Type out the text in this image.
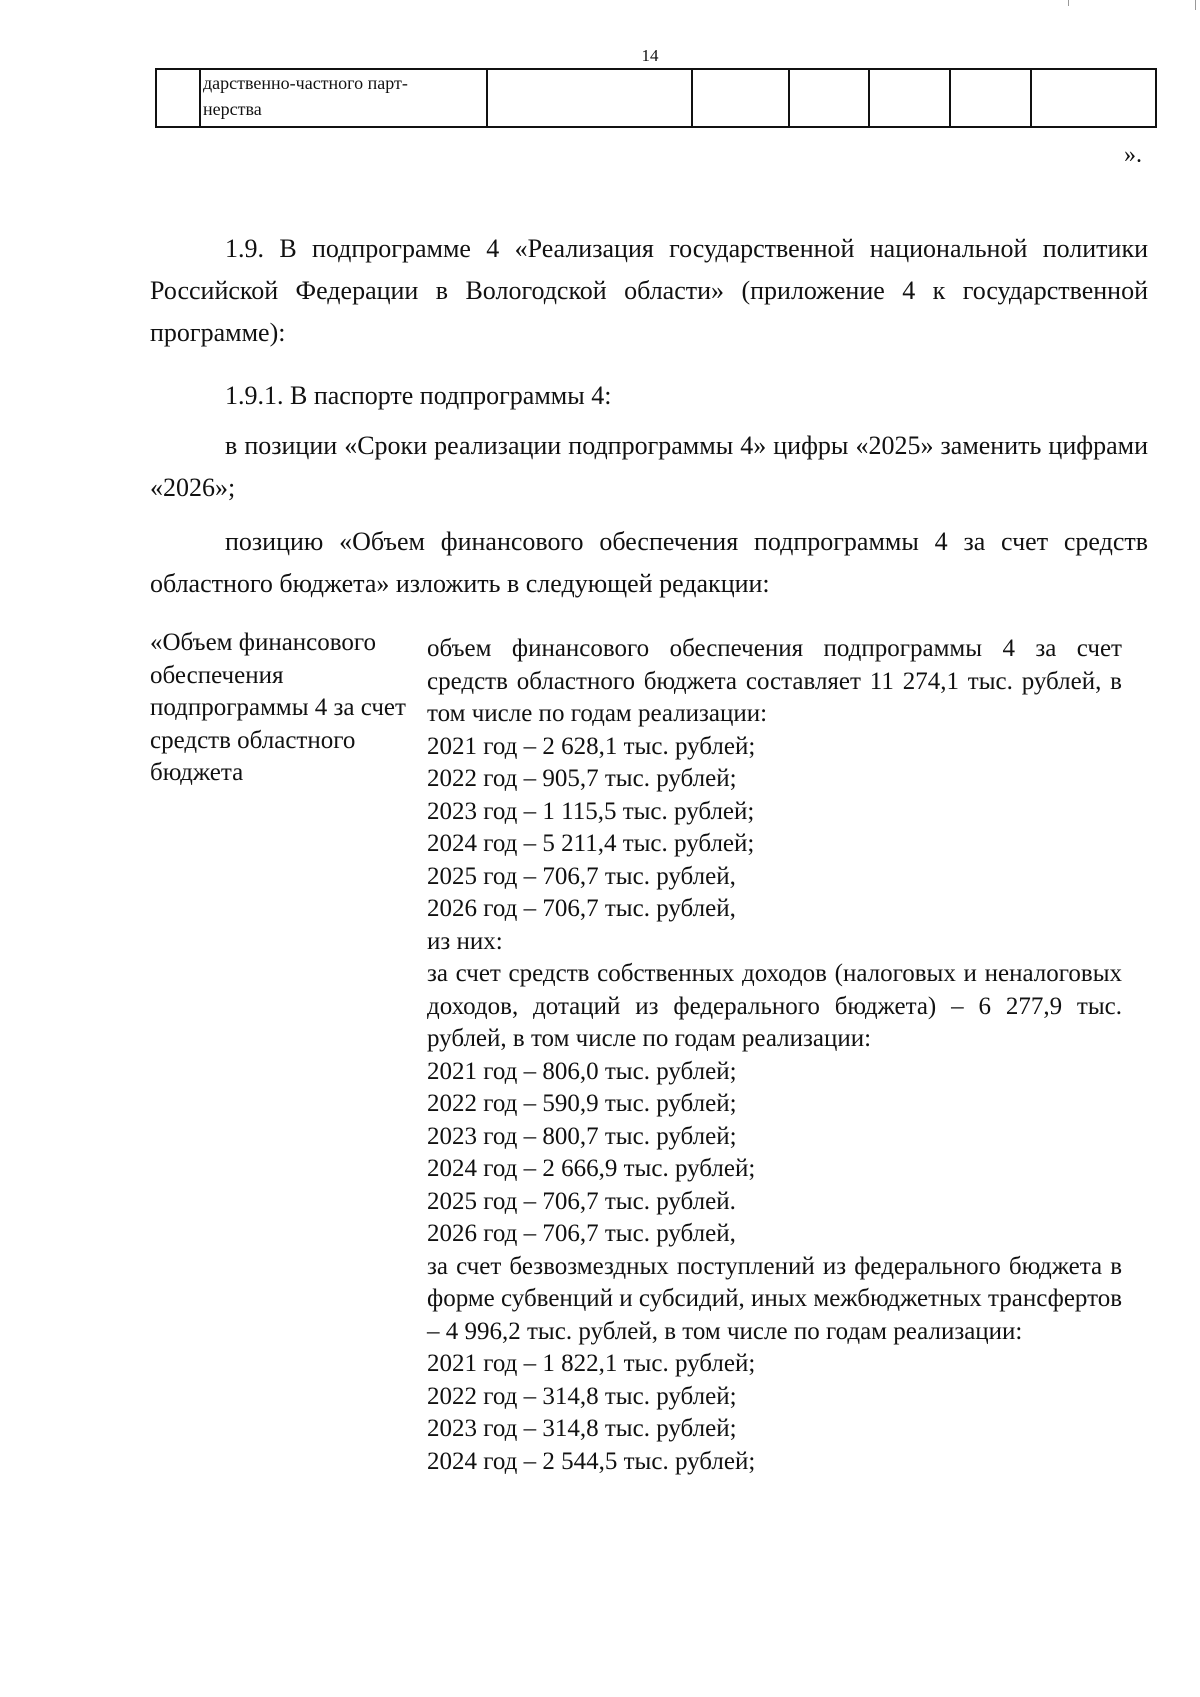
14

дарственно-частного парт-
нерства

».

1.9. В подпрограмме 4 «Реализация государственной национальной политики Российской Федерации в Вологодской области» (приложение 4 к государственной программе):

1.9.1. В паспорте подпрограммы 4:

в позиции «Сроки реализации подпрограммы 4» цифры «2025» заменить цифрами «2026»;

позицию «Объем финансового обеспечения подпрограммы 4 за счет средств областного бюджета» изложить в следующей редакции:

«Объем финансового обеспечения подпрограммы 4 за счет средств областного бюджета

объем финансового обеспечения подпрограммы 4 за счет средств областного бюджета составляет 11 274,1 тыс. рублей, в том числе по годам реализации:
2021 год – 2 628,1 тыс. рублей;
2022 год – 905,7 тыс. рублей;
2023 год – 1 115,5 тыс. рублей;
2024 год – 5 211,4 тыс. рублей;
2025 год – 706,7 тыс. рублей,
2026 год – 706,7 тыс. рублей,
из них:
за счет средств собственных доходов (налоговых и неналоговых доходов, дотаций из федерального бюджета) – 6 277,9 тыс. рублей, в том числе по годам реализации:
2021 год – 806,0 тыс. рублей;
2022 год – 590,9 тыс. рублей;
2023 год – 800,7 тыс. рублей;
2024 год – 2 666,9 тыс. рублей;
2025 год – 706,7 тыс. рублей.
2026 год – 706,7 тыс. рублей,
за счет безвозмездных поступлений из федерального бюджета в форме субвенций и субсидий, иных межбюджетных трансфертов – 4 996,2 тыс. рублей, в том числе по годам реализации:
2021 год – 1 822,1 тыс. рублей;
2022 год – 314,8 тыс. рублей;
2023 год – 314,8 тыс. рублей;
2024 год – 2 544,5 тыс. рублей;
